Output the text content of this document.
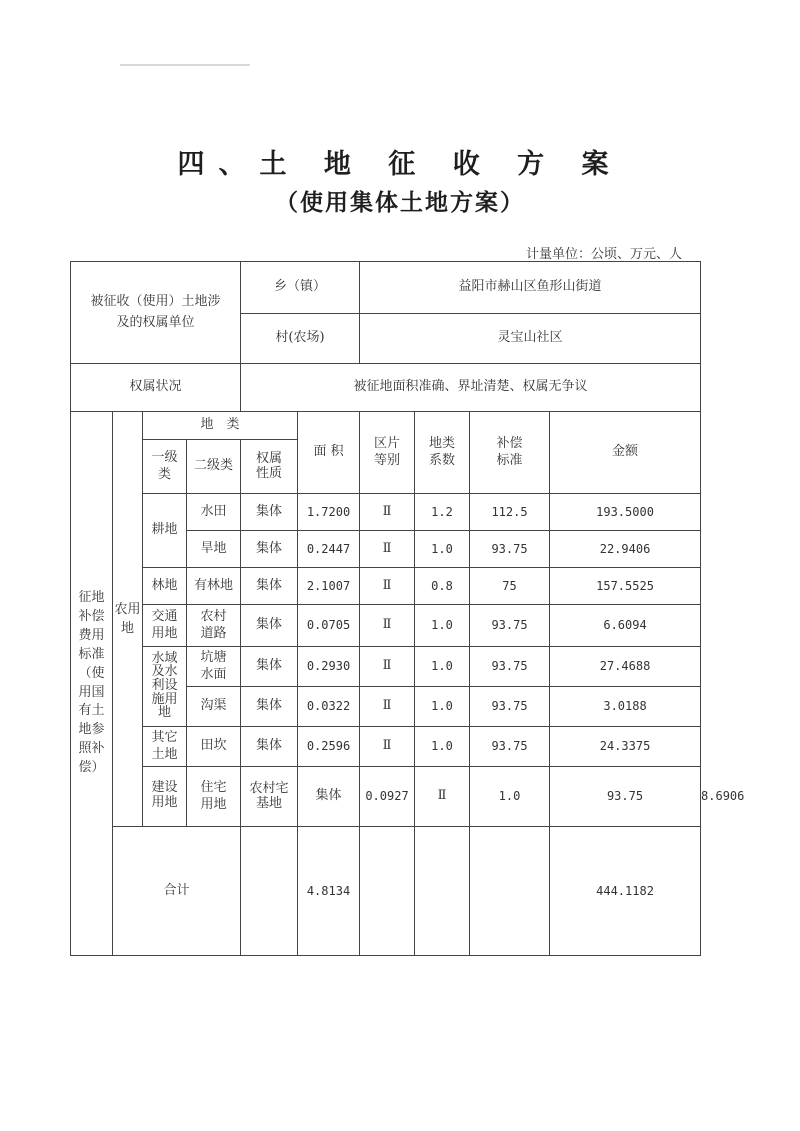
四、土 地 征 收 方 案
（使用集体土地方案）
计量单位：公顷、万元、人
被征收（使用）土地涉及的权属单位				乡（镇）		益阳市赫山区鱼形山街道				
				村(农场)		灵宝山社区				
权属状况				被征地面积准确、界址清楚、权属无争议						
征地补偿费用标准（使用国有土地参照补偿）	农用地	地　类			面 积	区片等别	地类系数	补偿标准	金额	
		一级类	二级类	权属性质						
		耕地	水田	集体	1.7200	Ⅱ	1.2	112.5	193.5000	
			旱地	集体	0.2447	Ⅱ	1.0	93.75	22.9406	
		林地	有林地	集体	2.1007	Ⅱ	0.8	75	157.5525	
		交通用地	农村道路	集体	0.0705	Ⅱ	1.0	93.75	6.6094	
		水域及水利设施用地	坑塘水面	集体	0.2930	Ⅱ	1.0	93.75	27.4688	
			沟渠	集体	0.0322	Ⅱ	1.0	93.75	3.0188	
		其它土地	田坎	集体	0.2596	Ⅱ	1.0	93.75	24.3375	
		建设用地	住宅用地	农村宅基地	集体	0.0927	Ⅱ	1.0	93.75	8.6906
	合计				4.8134				444.1182	
